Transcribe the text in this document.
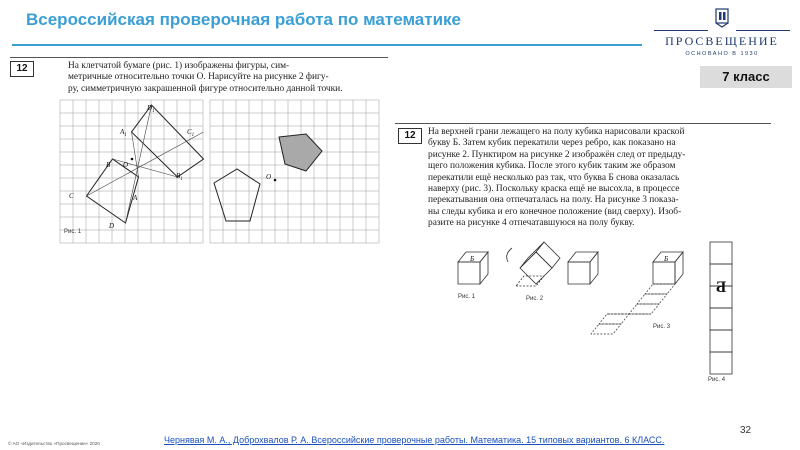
Всероссийская проверочная работа по математике
ПРОСВЕЩЕНИЕ
ОСНОВАНО В 1930
7 класс
12	На клетчатой бумаге (рис. 1) изображены фигуры, сим-
метричные относительно точки O. Нарисуйте на рисунке 2 фигу-
ру, симметричную закрашенной фигуре относительно данной точки.
$D_1$
$A_1$	$C_1$
$B_1$
O
B
C	A
D
Рис. 1
O
12	На верхней грани лежащего на полу кубика нарисовали краской
букву Б. Затем кубик перекатили через ребро, как показано на
рисунке 2. Пунктиром на рисунке 2 изображён след от предыду-
щего положения кубика. После этого кубик таким же образом
перекатили ещё несколько раз так, что буква Б снова оказалась
наверху (рис. 3). Поскольку краска ещё не высохла, в процессе
перекатывания она отпечаталась на полу. На рисунке 3 показа-
ны следы кубика и его конечное положение (вид сверху). Изоб-
разите на рисунке 4 отпечатавшуюся на полу букву.
Б
Рис. 1	Рис. 2
Б
Рис. 3
Б
Рис. 4
32
Чернявая М. А., Доброхвалов Р. А. Всероссийские проверочные работы. Математика. 15 типовых вариантов. 6 КЛАСС.
© АО «Издательство «Просвещение» 2020
